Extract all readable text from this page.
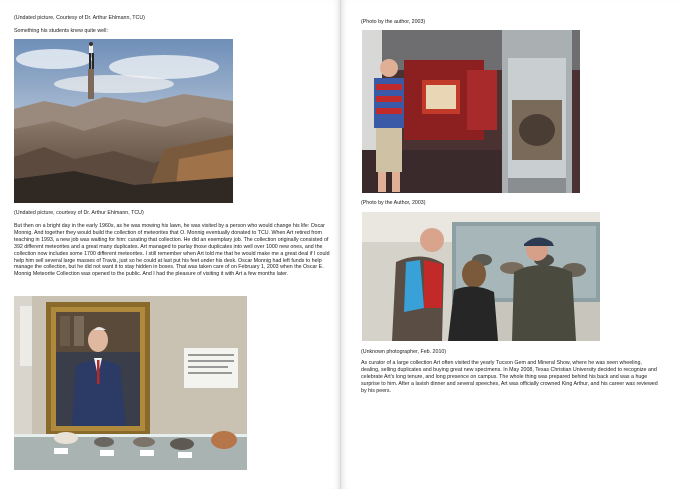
(Undated picture, Courtesy of Dr. Arthur Ehlmann, TCU)

Something his students knew quite well:

(Undated picture, courtesy of Dr. Arthur Ehlmann, TCU)

But then on a bright day in the early 1960s, as he was mowing his lawn, he was visited by a person who would change his life: Oscar Monnig. And together they would build the collection of meteorites that O. Monnig eventually donated to TCU. When Art retired from teaching in 1993, a new job was waiting for him: curating that collection. He did an exemplary job. The collection originally consisted of 392 different meteorites and a great many duplicates. Art managed to parlay those duplicates into well over 1000 new ones, and the collection now includes some 1700 different meteorites. I still remember when Art told me that he would make me a great deal if I could help him sell several large masses of Travis, just so he could at last put his feet under his desk. Oscar Monnig had left funds to help manage the collection, but he did not want it to stay hidden in boxes. That was taken care of on February 1, 2003 when the Oscar E. Monnig Meteorite Collection was opened to the public. And I had the pleasure of visiting it with Art a few months later.

(Photo by the author, 2003)

(Photo by the Author, 2003)

(Unknown photographer, Feb. 2010)

As curator of a large collection Art often visited the yearly Tucson Gem and Mineral Show, where he was seen wheeling, dealing, selling duplicates and buying great new specimens. In May 2008, Texas Christian University decided to recognize and celebrate Art's long tenure, and long presence on campus. The whole thing was prepared behind his back and was a huge surprise to him. After a lavish dinner and several speeches, Art was officially crowned King Arthur, and his career was reviewed by his peers.
